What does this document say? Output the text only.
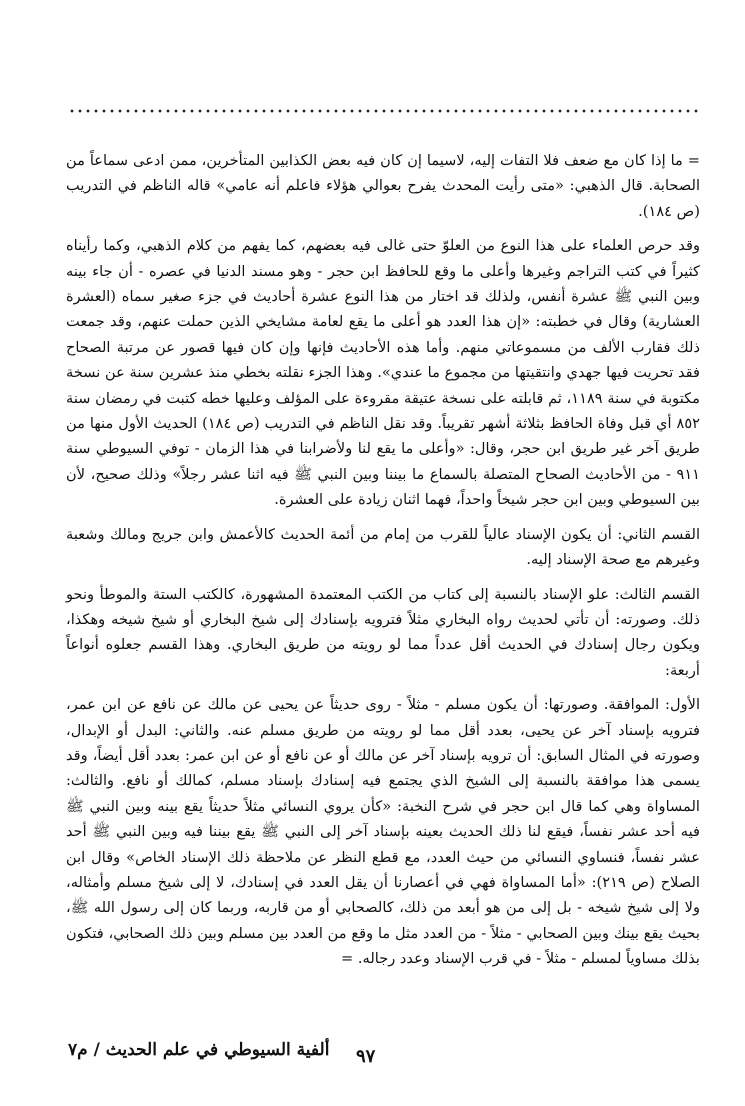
= ما إذا كان مع ضعف فلا التفات إليه، لاسيما إن كان فيه بعض الكذابين المتأخرين، ممن ادعى سماعاً من الصحابة. قال الذهبي: «متى رأيت المحدث يفرح بعوالي هؤلاء فاعلم أنه عامي» قاله الناظم في التدريب (ص ١٨٤).

وقد حرص العلماء على هذا النوع من العلوّ حتى غالى فيه بعضهم، كما يفهم من كلام الذهبي، وكما رأيناه كثيراً في كتب التراجم وغيرها وأعلى ما وقع للحافظ ابن حجر - وهو مسند الدنيا في عصره - أن جاء بينه وبين النبي ﷺ عشرة أنفس، ولذلك قد اختار من هذا النوع عشرة أحاديث في جزء صغير سماه (العشرة العشارية) وقال في خطبته: «إن هذا العدد هو أعلى ما يقع لعامة مشايخي الذين حملت عنهم، وقد جمعت ذلك فقارب الألف من مسموعاتي منهم. وأما هذه الأحاديث فإنها وإن كان فيها قصور عن مرتبة الصحاح فقد تحريت فيها جهدي وانتقيتها من مجموع ما عندي». وهذا الجزء نقلته بخطي منذ عشرين سنة عن نسخة مكتوبة في سنة ١١٨٩، ثم قابلته على نسخة عتيقة مقروءة على المؤلف وعليها خطه كتبت في رمضان سنة ٨٥٢ أي قبل وفاة الحافظ بثلاثة أشهر تقريباً. وقد نقل الناظم في التدريب (ص ١٨٤) الحديث الأول منها من طريق آخر غير طريق ابن حجر، وقال: «وأعلى ما يقع لنا ولأضرابنا في هذا الزمان - توفي السيوطي سنة ٩١١ - من الأحاديث الصحاح المتصلة بالسماع ما بيننا وبين النبي ﷺ فيه اثنا عشر رجلاً» وذلك صحيح، لأن بين السيوطي وبين ابن حجر شيخاً واحداً، فهما اثنان زيادة على العشرة.

القسم الثاني: أن يكون الإسناد عالياً للقرب من إمام من أئمة الحديث كالأعمش وابن جريج ومالك وشعبة وغيرهم مع صحة الإسناد إليه.

القسم الثالث: علو الإسناد بالنسبة إلى كتاب من الكتب المعتمدة المشهورة، كالكتب الستة والموطأ ونحو ذلك. وصورته: أن تأتي لحديث رواه البخاري مثلاً فترويه بإسنادك إلى شيخ البخاري أو شيخ شيخه وهكذا، ويكون رجال إسنادك في الحديث أقل عدداً مما لو رويته من طريق البخاري. وهذا القسم جعلوه أنواعاً أربعة:

الأول: الموافقة. وصورتها: أن يكون مسلم - مثلاً - روى حديثاً عن يحيى عن مالك عن نافع عن ابن عمر، فترويه بإسناد آخر عن يحيى، بعدد أقل مما لو رويته من طريق مسلم عنه. والثاني: البدل أو الإبدال، وصورته في المثال السابق: أن ترويه بإسناد آخر عن مالك أو عن نافع أو عن ابن عمر: بعدد أقل أيضاً، وقد يسمى هذا موافقة بالنسبة إلى الشيخ الذي يجتمع فيه إسنادك بإسناد مسلم، كمالك أو نافع. والثالث: المساواة وهي كما قال ابن حجر في شرح النخبة: «كأن يروي النسائي مثلاً حديثاً يقع بينه وبين النبي ﷺ فيه أحد عشر نفساً، فيقع لنا ذلك الحديث بعينه بإسناد آخر إلى النبي ﷺ يقع بيننا فيه وبين النبي ﷺ أحد عشر نفساً، فنساوي النسائي من حيث العدد، مع قطع النظر عن ملاحظة ذلك الإسناد الخاص» وقال ابن الصلاح (ص ٢١٩): «أما المساواة فهي في أعصارنا أن يقل العدد في إسنادك، لا إلى شيخ مسلم وأمثاله، ولا إلى شيخ شيخه - بل إلى من هو أبعد من ذلك، كالصحابي أو من قاربه، وربما كان إلى رسول الله ﷺ، بحيث يقع بينك وبين الصحابي - مثلاً - من العدد مثل ما وقع من العدد بين مسلم وبين ذلك الصحابي، فتكون بذلك مساوياً لمسلم - مثلاً - في قرب الإسناد وعدد رجاله. =

ألفية السيوطي في علم الحديث / م٧ ٩٧
